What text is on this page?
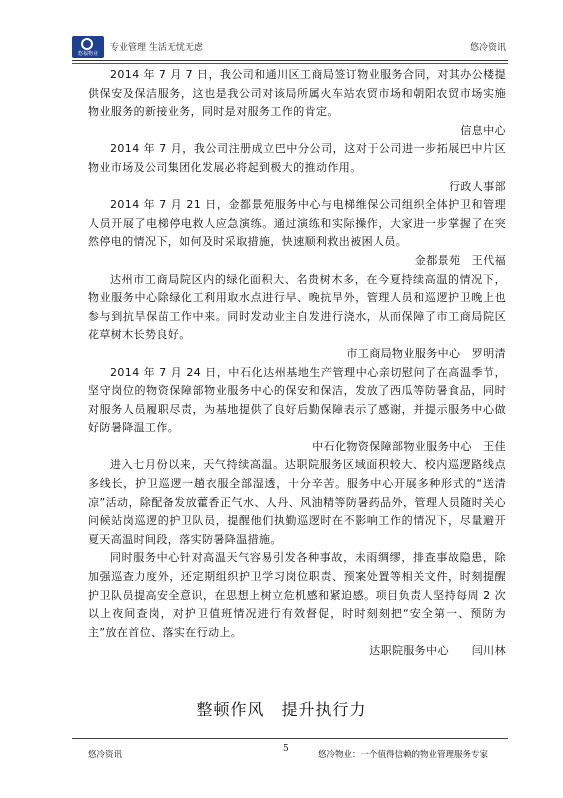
悠福物业
专业管理 生活无忧无虑	悠冷资讯

2014 年 7 月 7 日，我公司和通川区工商局签订物业服务合同，对其办公楼提供保安及保洁服务，这也是我公司对该局所属火车站农贸市场和朝阳农贸市场实施物业服务的新接业务，同时是对服务工作的肯定。

信息中心

2014 年 7 月，我公司注册成立巴中分公司，这对于公司进一步拓展巴中片区物业市场及公司集团化发展必将起到极大的推动作用。

行政人事部

2014 年 7 月 21 日，金都景苑服务中心与电梯维保公司组织全体护卫和管理人员开展了电梯停电救人应急演练。通过演练和实际操作，大家进一步掌握了在突然停电的情况下，如何及时采取措施，快速顺利救出被困人员。

金都景苑　王代福

达州市工商局院区内的绿化面积大、名贵树木多，在今夏持续高温的情况下，物业服务中心除绿化工利用取水点进行早、晚抗旱外，管理人员和巡逻护卫晚上也参与到抗旱保苗工作中来。同时发动业主自发进行浇水，从而保障了市工商局院区花草树木长势良好。

市工商局物业服务中心　罗明清

2014 年 7 月 24 日，中石化达州基地生产管理中心亲切慰问了在高温季节，坚守岗位的物资保障部物业服务中心的保安和保洁，发放了西瓜等防暑食品，同时对服务人员履职尽责，为基地提供了良好后勤保障表示了感谢，并提示服务中心做好防暑降温工作。

中石化物资保障部物业服务中心　王佳

进入七月份以来，天气持续高温。达职院服务区域面积较大、校内巡逻路线点多线长，护卫巡逻一趟衣服全部湿透，十分辛苦。服务中心开展多种形式的“送清凉”活动，除配备发放藿香正气水、人丹、风油精等防暑药品外，管理人员随时关心问候站岗巡逻的护卫队员，提醒他们执勤巡逻时在不影响工作的情况下，尽量避开夏天高温时间段，落实防暑降温措施。

同时服务中心针对高温天气容易引发各种事故，未雨绸缪，排查事故隐患，除加强巡查力度外，还定期组织护卫学习岗位职责、预案处置等相关文件，时刻提醒护卫队员提高安全意识，在思想上树立危机感和紧迫感。项目负责人坚持每周 2 次以上夜间查岗，对护卫值班情况进行有效督促，时时刻刻把“安全第一、预防为主”放在首位、落实在行动上。

达职院服务中心　　闫川林

整顿作风　提升执行力
悠冷资讯
5
悠冷物业：一个值得信赖的物业管理服务专家
